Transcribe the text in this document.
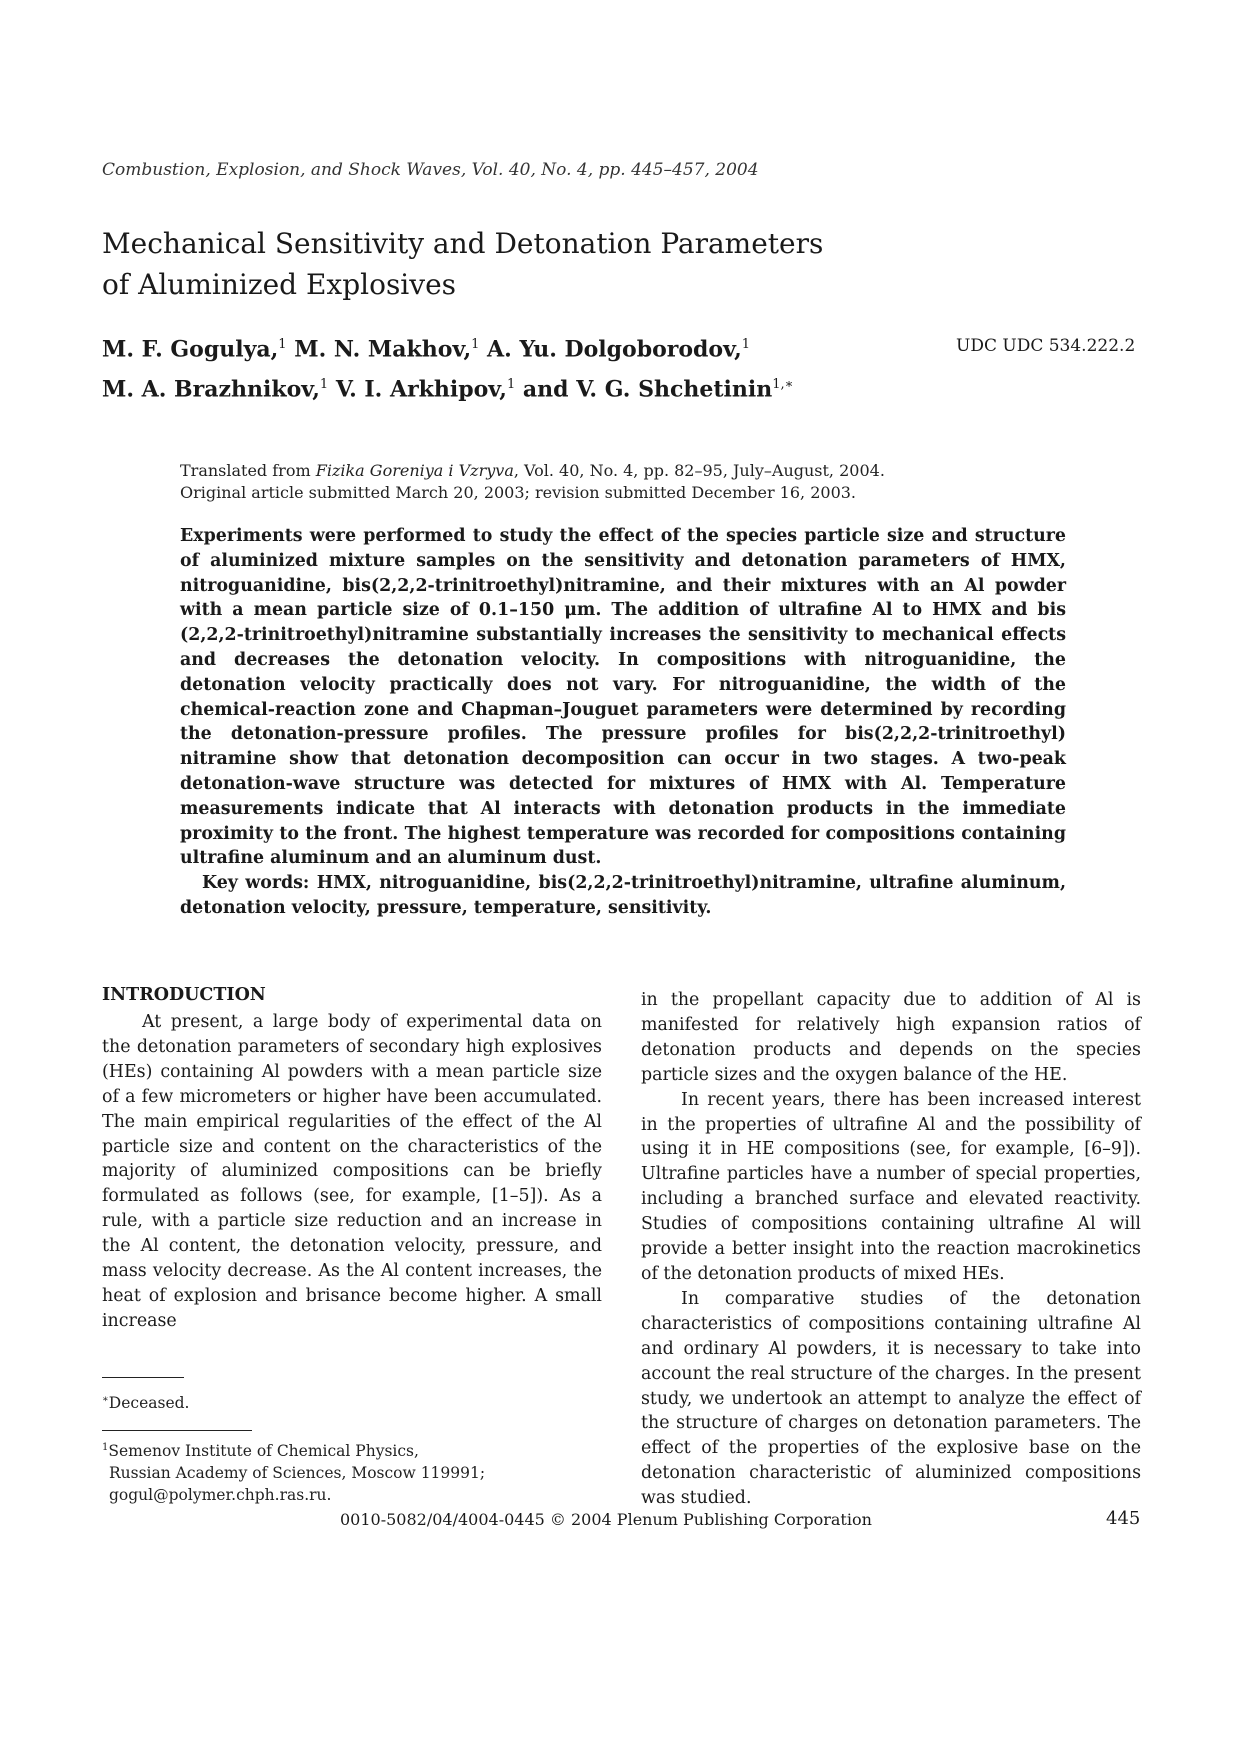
Combustion, Explosion, and Shock Waves, Vol. 40, No. 4, pp. 445–457, 2004
Mechanical Sensitivity and Detonation Parameters
of Aluminized Explosives
M. F. Gogulya,$^1$ M. N. Makhov,$^1$ A. Yu. Dolgoborodov,$^1$
M. A. Brazhnikov,$^1$ V. I. Arkhipov,$^1$ and V. G. Shchetinin$^{1,∗}$
UDC UDC 534.222.2
Translated from Fizika Goreniya i Vzryva, Vol. 40, No. 4, pp. 82–95, July–August, 2004.
Original article submitted March 20, 2003; revision submitted December 16, 2003.

Experiments were performed to study the effect of the species particle size and structure of aluminized mixture samples on the sensitivity and detonation parameters of HMX, nitroguanidine, bis(2,2,2-trinitroethyl)nitramine, and their mixtures with an Al powder with a mean particle size of 0.1–150 μm. The addition of ultrafine Al to HMX and bis (2,2,2-trinitroethyl)nitramine substantially increases the sensitivity to mechanical effects and decreases the detonation velocity. In compositions with nitroguanidine, the detonation velocity practically does not vary. For nitroguanidine, the width of the chemical-reaction zone and Chapman–Jouguet parameters were determined by recording the detonation-pressure profiles. The pressure profiles for bis(2,2,2-trinitroethyl) nitramine show that detonation decomposition can occur in two stages. A two-peak detonation-wave structure was detected for mixtures of HMX with Al. Temperature measurements indicate that Al interacts with detonation products in the immediate proximity to the front. The highest temperature was recorded for compositions containing ultrafine aluminum and an aluminum dust.

Key words: HMX, nitroguanidine, bis(2,2,2-trinitroethyl)nitramine, ultrafine aluminum, detonation velocity, pressure, temperature, sensitivity.

INTRODUCTION

At present, a large body of experimental data on the detonation parameters of secondary high explosives (HEs) containing Al powders with a mean particle size of a few micrometers or higher have been accumulated. The main empirical regularities of the effect of the Al particle size and content on the characteristics of the majority of aluminized compositions can be briefly formulated as follows (see, for example, [1–5]). As a rule, with a particle size reduction and an increase in the Al content, the detonation velocity, pressure, and mass velocity decrease. As the Al content increases, the heat of explosion and brisance become higher. A small increase

in the propellant capacity due to addition of Al is manifested for relatively high expansion ratios of detonation products and depends on the species particle sizes and the oxygen balance of the HE.

In recent years, there has been increased interest in the properties of ultrafine Al and the possibility of using it in HE compositions (see, for example, [6–9]). Ultrafine particles have a number of special properties, including a branched surface and elevated reactivity. Studies of compositions containing ultrafine Al will provide a better insight into the reaction macrokinetics of the detonation products of mixed HEs.

In comparative studies of the detonation characteristics of compositions containing ultrafine Al and ordinary Al powders, it is necessary to take into account the real structure of the charges. In the present study, we undertook an attempt to analyze the effect of the structure of charges on detonation parameters. The effect of the properties of the explosive base on the detonation characteristic of aluminized compositions was studied.

∗Deceased.
$^1$Semenov Institute of Chemical Physics,
Russian Academy of Sciences, Moscow 119991;
gogul@polymer.chph.ras.ru.
0010-5082/04/4004-0445 © 2004 Plenum Publishing Corporation	445
